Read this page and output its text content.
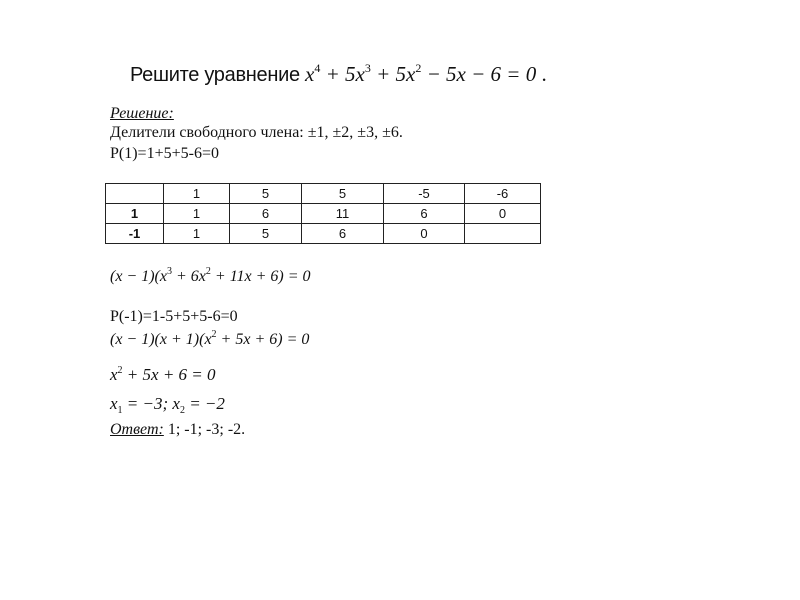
Решите уравнение $x^4 + 5x^3 + 5x^2 - 5x - 6 = 0$ .
Решение:
Делители свободного члена: ±1, ±2, ±3, ±6.
P(1)=1+5+5-6=0
	1	5	5	-5	-6
1	1	6	11	6	0
-1	1	5	6	0	
$(x - 1)(x^3 + 6x^2 + 11x + 6) = 0$
P(-1)=1-5+5+5-6=0
$(x - 1)(x + 1)(x^2 + 5x + 6) = 0$
$x^2 + 5x + 6 = 0$
$x_1 = -3$; $x_2 = -2$
Ответ: 1; -1; -3; -2.
